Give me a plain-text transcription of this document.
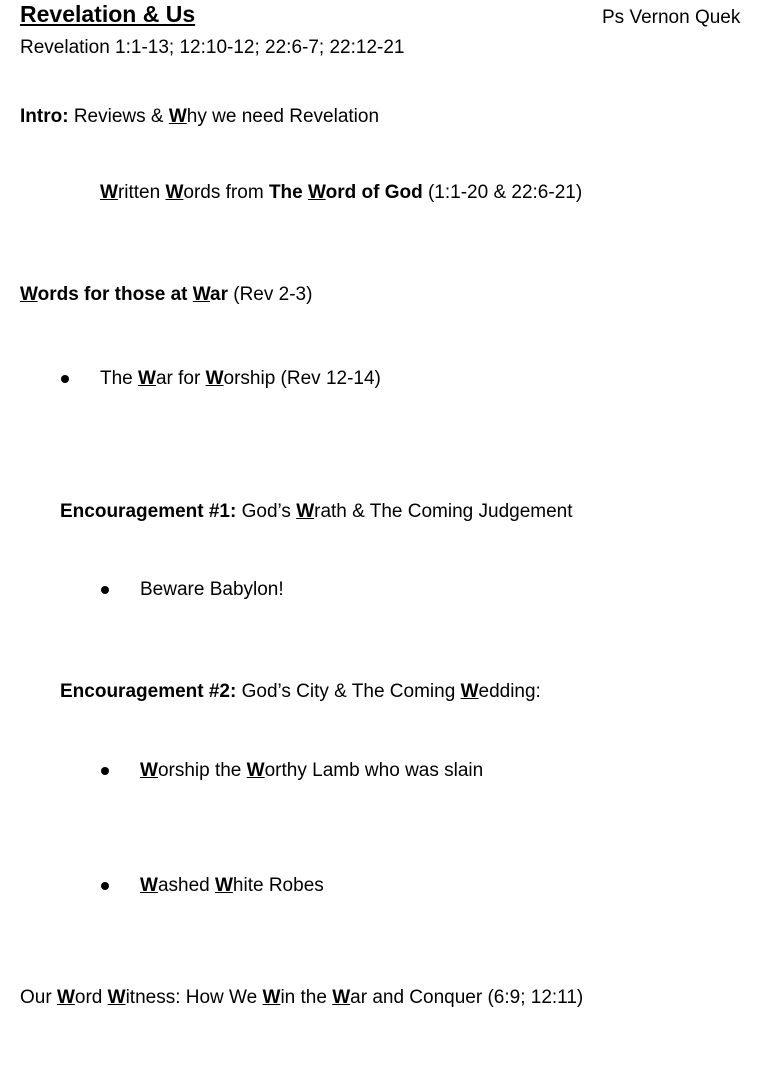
Revelation & Us	Ps Vernon Quek
Revelation 1:1-13; 12:10-12; 22:6-7; 22:12-21
Intro: Reviews & Why we need Revelation
Written Words from The Word of God (1:1-20 & 22:6-21)
Words for those at War (Rev 2-3)
The War for Worship (Rev 12-14)
Encouragement #1: God’s Wrath & The Coming Judgement
Beware Babylon!
Encouragement #2: God’s City & The Coming Wedding:
Worship the Worthy Lamb who was slain
Washed White Robes
Our Word Witness: How We Win the War and Conquer (6:9; 12:11)
